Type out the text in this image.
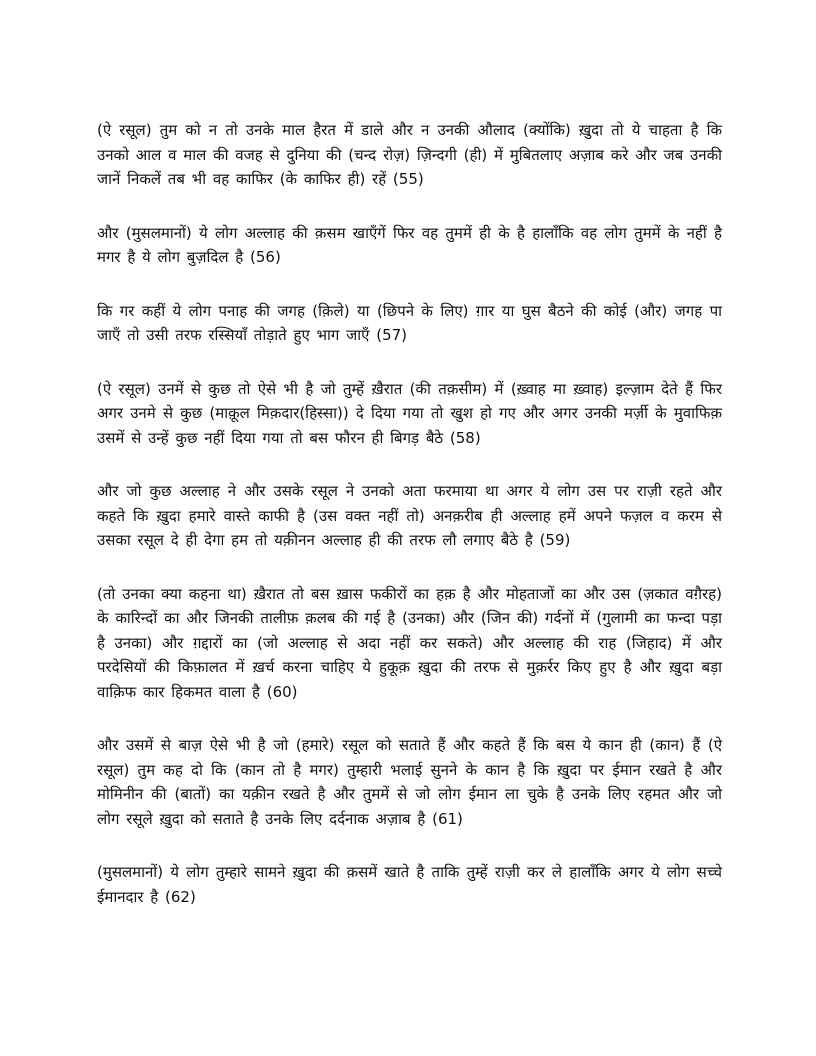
(ऐ रसूल) तुम को न तो उनके माल हैरत में डाले और न उनकी औलाद (क्योंकि) ख़ुदा तो ये चाहता है कि उनको आल व माल की वजह से दुनिया की (चन्द रोज़) ज़िन्दगी (ही) में मुबितलाए अज़ाब करे और जब उनकी जानें निकलें तब भी वह काफिर (के काफिर ही) रहें (55)

और (मुसलमानों) ये लोग अल्लाह की क़सम खाएँगें फिर वह तुममें ही के है हालाँकि वह लोग तुममें के नहीं है मगर है ये लोग बुज़दिल है (56)

कि गर कहीं ये लोग पनाह की जगह (क़िले) या (छिपने के लिए) ग़ार या घुस बैठने की कोई (और) जगह पा जाएँ तो उसी तरफ रस्सियाँ तोड़ाते हुए भाग जाएँ (57)

(ऐ रसूल) उनमें से कुछ तो ऐसे भी है जो तुम्हें ख़ैरात (की तक़सीम) में (ख़्वाह मा ख़्वाह) इल्ज़ाम देते हैं फिर अगर उनमे से कुछ (माक़ूल मिक़दार(हिस्सा)) दे दिया गया तो खुश हो गए और अगर उनकी मर्ज़ी के मुवाफिक़ उसमें से उन्हें कुछ नहीं दिया गया तो बस फौरन ही बिगड़ बैठे (58)

और जो कुछ अल्लाह ने और उसके रसूल ने उनको अता फरमाया था अगर ये लोग उस पर राज़ी रहते और कहते कि ख़ुदा हमारे वास्ते काफी है (उस वक्त नहीं तो) अनक़रीब ही अल्लाह हमें अपने फज़ल व करम से उसका रसूल दे ही देगा हम तो यक़ीनन अल्लाह ही की तरफ लौ लगाए बैठे है (59)

(तो उनका क्या कहना था) ख़ैरात तो बस ख़ास फकीरों का हक़ है और मोहताजों का और उस (ज़कात वग़ैरह) के कारिन्दों का और जिनकी तालीफ़ क़लब की गई है (उनका) और (जिन की) गर्दनों में (गुलामी का फन्दा पड़ा है उनका) और ग़द्दारों का (जो अल्लाह से अदा नहीं कर सकते) और अल्लाह की राह (जिहाद) में और परदेसियों की किफ़ालत में ख़र्च करना चाहिए ये हुकूक़ ख़ुदा की तरफ से मुक़र्रर किए हुए है और ख़ुदा बड़ा वाक़िफ कार हिकमत वाला है (60)

और उसमें से बाज़ ऐसे भी है जो (हमारे) रसूल को सताते हैं और कहते हैं कि बस ये कान ही (कान) हैं (ऐ रसूल) तुम कह दो कि (कान तो है मगर) तुम्हारी भलाई सुनने के कान है कि ख़ुदा पर ईमान रखते है और मोमिनीन की (बातों) का यक़ीन रखते है और तुममें से जो लोग ईमान ला चुके है उनके लिए रहमत और जो लोग रसूले ख़ुदा को सताते है उनके लिए दर्दनाक अज़ाब है (61)

(मुसलमानों) ये लोग तुम्हारे सामने ख़ुदा की क़समें खाते है ताकि तुम्हें राज़ी कर ले हालाँकि अगर ये लोग सच्चे ईमानदार है (62)
